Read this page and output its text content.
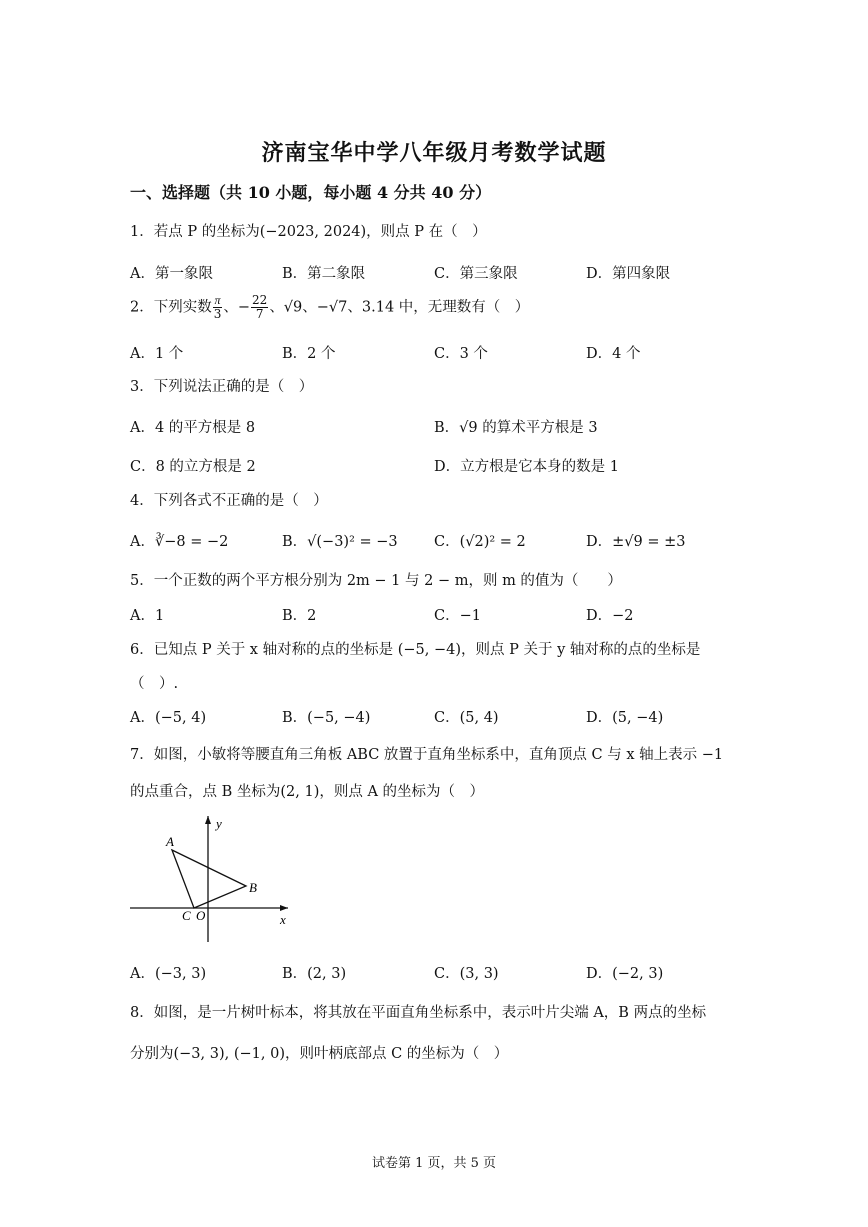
济南宝华中学八年级月考数学试题
一、选择题（共 10 小题，每小题 4 分共 40 分）
1．若点 P 的坐标为(−2023, 2024)，则点 P 在（　）
A．第一象限	B．第二象限	C．第三象限	D．第四象限
2．下列实数 $\frac{\pi}{3}$ 、− $\frac{22}{7}$ 、√9、−√7、3.14 中，无理数有（　）
A．1 个	B．2 个	C．3 个	D．4 个
3．下列说法正确的是（　）
A．4 的平方根是 8	B．√9 的算术平方根是 3
C．8 的立方根是 2	D．立方根是它本身的数是 1
4．下列各式不正确的是（　）
A．∛−8 = −2	B．√(−3)² = −3	C．(√2)² = 2	D．±√9 = ±3
5．一个正数的两个平方根分别为 2m − 1 与 2 − m，则 m 的值为（　　）
A．1	B．2	C．−1	D．−2
6．已知点 P 关于 x 轴对称的点的坐标是 (−5, −4)，则点 P 关于 y 轴对称的点的坐标是
（　）.
A．(−5, 4)	B．(−5, −4)	C．(5, 4)	D．(5, −4)
7．如图，小敏将等腰直角三角板 ABC 放置于直角坐标系中，直角顶点 C 与 x 轴上表示 −1
的点重合，点 B 坐标为(2, 1)，则点 A 的坐标为（　）
A
B
C O	x
y
A．(−3, 3)	B．(2, 3)	C．(3, 3)	D．(−2, 3)
8．如图，是一片树叶标本，将其放在平面直角坐标系中，表示叶片尖端 A，B 两点的坐标
分别为(−3, 3), (−1, 0)，则叶柄底部点 C 的坐标为（　）
试卷第 1 页，共 5 页
